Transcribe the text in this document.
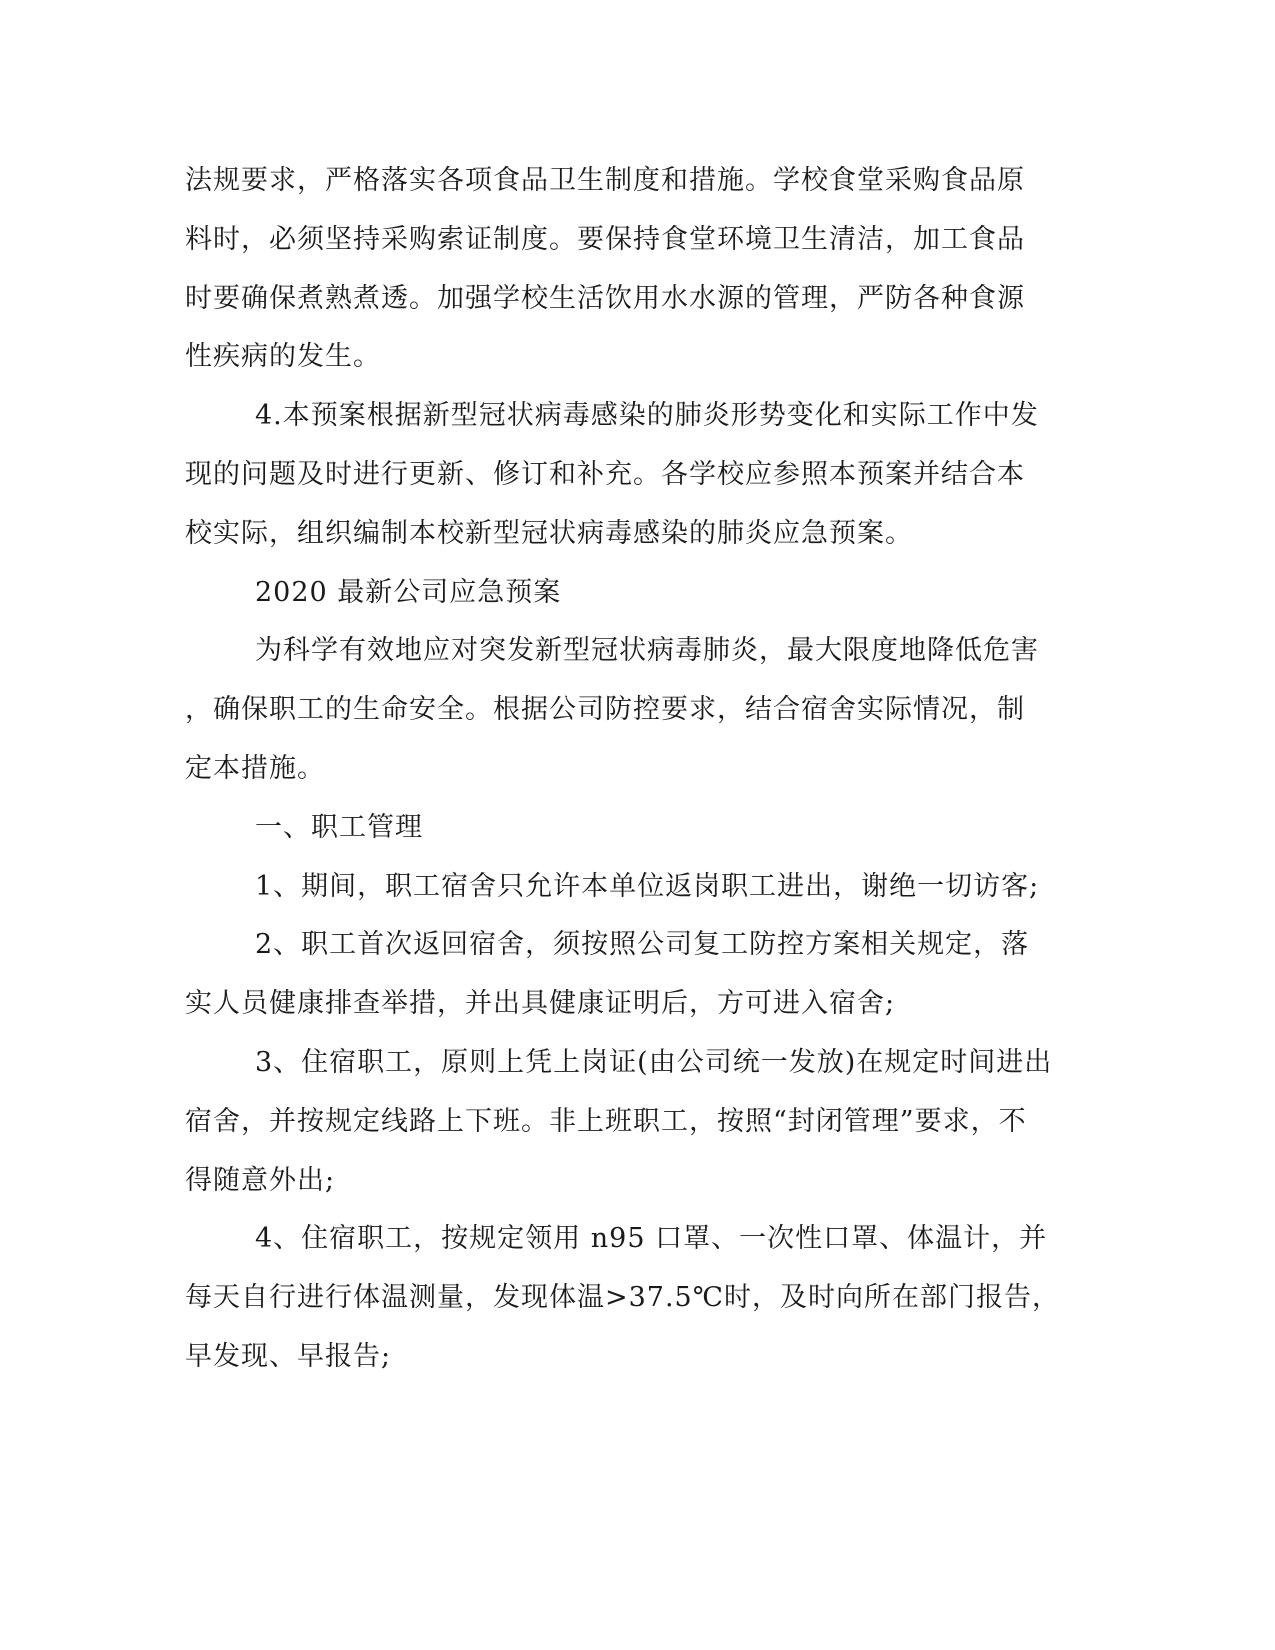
法规要求，严格落实各项食品卫生制度和措施。学校食堂采购食品原
料时，必须坚持采购索证制度。要保持食堂环境卫生清洁，加工食品
时要确保煮熟煮透。加强学校生活饮用水水源的管理，严防各种食源
性疾病的发生。
4.本预案根据新型冠状病毒感染的肺炎形势变化和实际工作中发
现的问题及时进行更新、修订和补充。各学校应参照本预案并结合本
校实际，组织编制本校新型冠状病毒感染的肺炎应急预案。
2020 最新公司应急预案
为科学有效地应对突发新型冠状病毒肺炎，最大限度地降低危害
，确保职工的生命安全。根据公司防控要求，结合宿舍实际情况，制
定本措施。
一、职工管理
1、期间，职工宿舍只允许本单位返岗职工进出，谢绝一切访客;
2、职工首次返回宿舍，须按照公司复工防控方案相关规定，落
实人员健康排查举措，并出具健康证明后，方可进入宿舍;
3、住宿职工，原则上凭上岗证(由公司统一发放)在规定时间进出
宿舍，并按规定线路上下班。非上班职工，按照“封闭管理”要求，不
得随意外出;
4、住宿职工，按规定领用 n95 口罩、一次性口罩、体温计，并
每天自行进行体温测量，发现体温>37.5℃时，及时向所在部门报告，
早发现、早报告;
